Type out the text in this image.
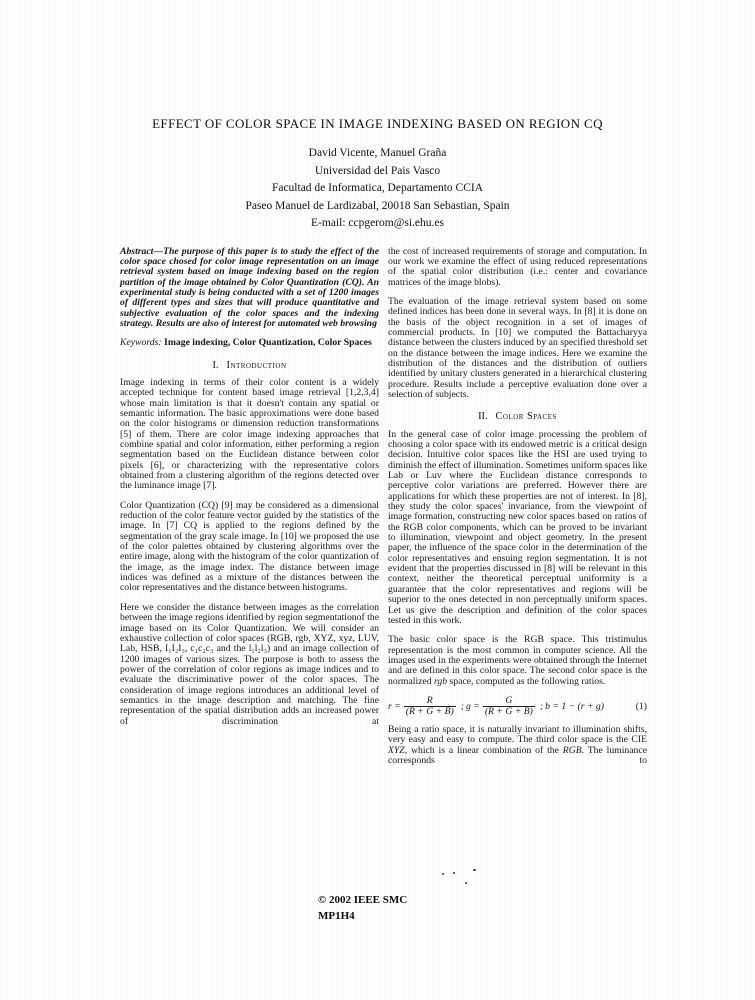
EFFECT OF COLOR SPACE IN IMAGE INDEXING BASED ON REGION CQ
David Vicente, Manuel Graña
Universidad del Pais Vasco
Facultad de Informatica, Departamento CCIA
Paseo Manuel de Lardizabal, 20018 San Sebastian, Spain
E-mail: ccpgerom@si.ehu.es

Abstract—The purpose of this paper is to study the effect of the color space chosed for color image representation on an image retrieval system based on image indexing based on the region partition of the image obtained by Color Quantization (CQ). An experimental study is being conducted with a set of 1200 images of different types and sizes that will produce quantitative and subjective evaluation of the color spaces and the indexing strategy. Results are also of interest for automated web browsing

Keywords: Image indexing, Color Quantization, Color Spaces

I. Introduction

Image indexing in terms of their color content is a widely accepted technique for content based image retrieval [1,2,3,4] whose main limitation is that it doesn't contain any spatial or semantic information. The basic approximations were done based on the color histograms or dimension reduction transformations [5] of them. There are color image indexing approaches that combine spatial and color information, either performing a region segmentation based on the Euclidean distance between color pixels [6], or characterizing with the representative colors obtained from a clustering algorithm of the regions detected over the luminance image [7].

Color Quantization (CQ) [9] may be considered as a dimensional reduction of the color feature vector guided by the statistics of the image. In [7] CQ is applied to the regions defined by the segmentation of the gray scale image. In [10] we proposed the use of the color palettes obtained by clustering algorithms over the entire image, along with the histogram of the color quantization of the image, as the image index. The distance between image indices was defined as a mixture of the distances between the color representatives and the distance between histograms.

Here we consider the distance between images as the correlation between the image regions identified by region segmentationof the image based on its Color Quantization. We will consider an exhaustive collection of color spaces (RGB, rgb, XYZ, xyz, LUV, Lab, HSB, I₁I₂I₃, c₁c₂c₃ and the l₁l₂l₃) and an image collection of 1200 images of various sizes. The purpose is both to assess the power of the correlation of color regions as image indices and to evaluate the discriminative power of the color spaces. The consideration of image regions introduces an additional level of semantics in the image description and matching. The fine representation of the spatial distribution adds an increased power of discrimination at

the cost of increased requirements of storage and computation. In our work we examine the effect of using reduced representations of the spatial color distribution (i.e.: center and covariance matrices of the image blobs).

The evaluation of the image retrieval system based on some defined indices has been done in several ways. In [8] it is done on the basis of the object recognition in a set of images of commercial products. In [10] we computed the Battacharyya distance between the clusters induced by an specified threshold set on the distance between the image indices. Here we examine the distribution of the distances and the distribution of outliers identified by unitary clusters generated in a hierarchical clustering procedure. Results include a perceptive evaluation done over a selection of subjects.

II. Color Spaces

In the general case of color image processing the problem of choosing a color space with its endowed metric is a critical design decision. Intuitive color spaces like the HSI are used trying to diminish the effect of illumination. Sometimes uniform spaces like Lab or Luv where the Euclidean distance corresponds to perceptive color variations are preferred. However there are applications for which these properties are not of interest. In [8], they study the color spaces' invariance, from the viewpoint of image formation, constructing new color spaces based on ratios of the RGB color components, which can be proved to be invariant to illumination, viewpoint and object geometry. In the present paper, the influence of the space color in the determination of the color representatives and ensuing region segmentation. It is not evident that the properties discussed in [8] will be relevant in this context, neither the theoretical perceptual uniformity is a guarantee that the color representatives and regions will be superior to the ones detected in non perceptually uniform spaces. Let us give the description and definition of the color spaces tested in this work.

The basic color space is the RGB space. This tristimulus representation is the most common in computer science. All the images used in the experiments were obtained through the Internet and are defined in this color space. The second color space is the normalized rgb space, computed as the following ratios.

$r = \frac{R}{(R + G + B)}$ ; $g = \frac{G}{(R + G + B)}$ ; b = 1 − (r + g)	(1)

Being a ratio space, it is naturally invariant to illumination shifts, very easy and easy to compute. The third color space is the CIE XYZ, which is a linear combination of the RGB. The luminance corresponds to

© 2002 IEEE SMC
MP1H4
